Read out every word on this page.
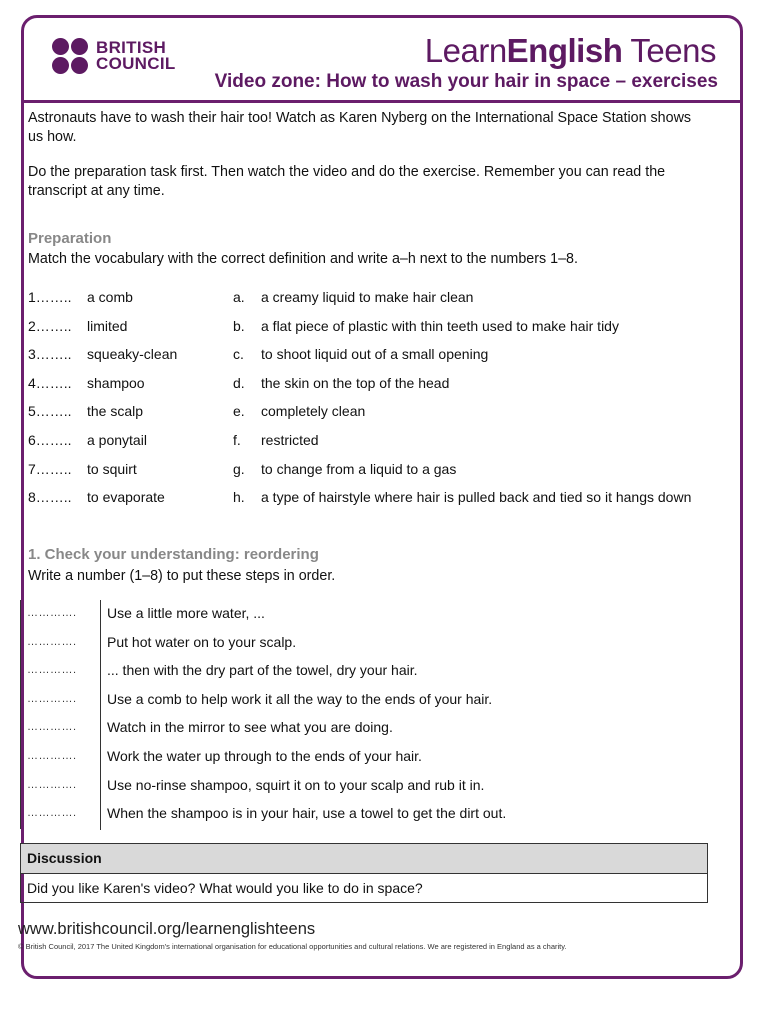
BRITISH
COUNCIL	LearnEnglish Teens
Video zone: How to wash your hair in space – exercises

Astronauts have to wash their hair too! Watch as Karen Nyberg on the International Space Station shows us how.

Do the preparation task first. Then watch the video and do the exercise. Remember you can read the transcript at any time.

Preparation

Match the vocabulary with the correct definition and write a–h next to the numbers 1–8.

1. Check your understanding: reordering

Write a number (1–8) to put these steps in order.

1…….. a comb	a. a creamy liquid to make hair clean
2…….. limited	b. a flat piece of plastic with thin teeth used to make hair tidy
3…….. squeaky-clean	c. to shoot liquid out of a small opening
4…….. shampoo	d. the skin on the top of the head
5…….. the scalp	e. completely clean
6…….. a ponytail	f. restricted
7…….. to squirt	g. to change from a liquid to a gas
8…….. to evaporate	h. a type of hairstyle where hair is pulled back and tied so it hangs down
…………. Use a little more water, ...
…………. Put hot water on to your scalp.
…………. ... then with the dry part of the towel, dry your hair.
…………. Use a comb to help work it all the way to the ends of your hair.
…………. Watch in the mirror to see what you are doing.
…………. Work the water up through to the ends of your hair.
…………. Use no-rinse shampoo, squirt it on to your scalp and rub it in.
…………. When the shampoo is in your hair, use a towel to get the dirt out.
Discussion
Did you like Karen's video? What would you like to do in space?
www.britishcouncil.org/learnenglishteens
© British Council, 2017 The United Kingdom's international organisation for educational opportunities and cultural relations. We are registered in England as a charity.
